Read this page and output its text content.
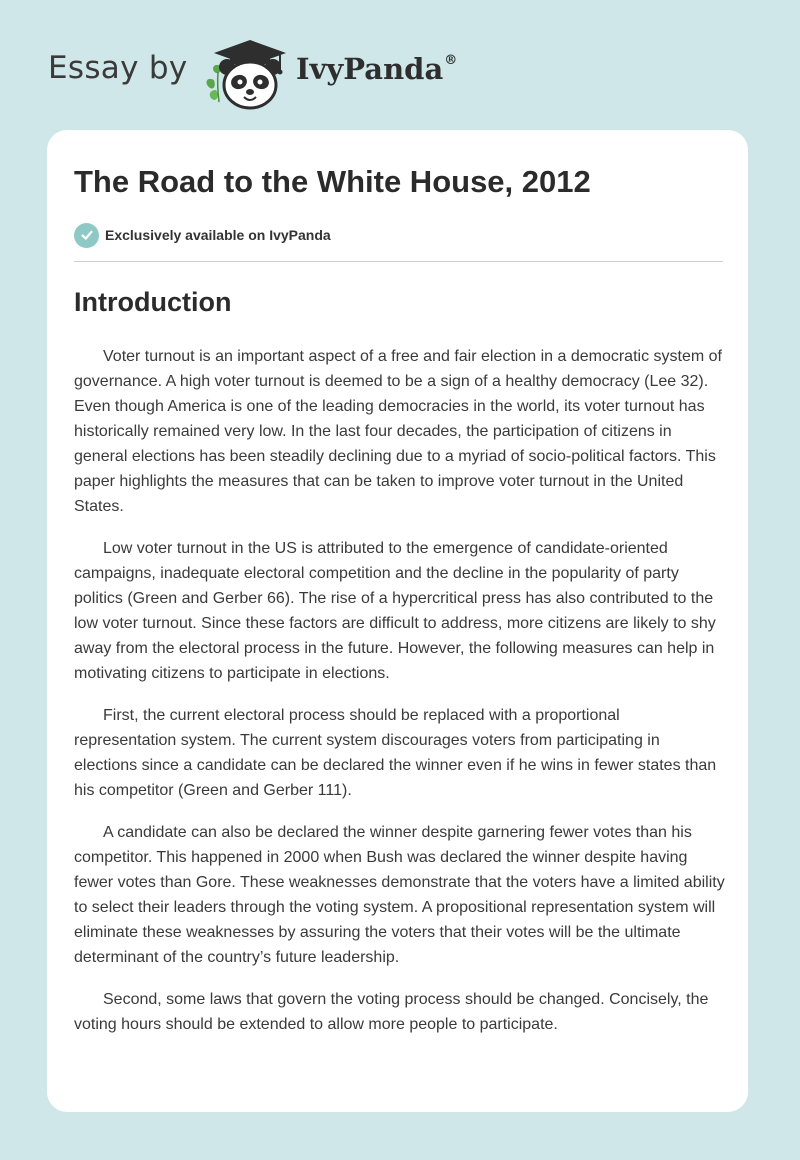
Essay by	IvyPanda®
The Road to the White House, 2012
Exclusively available on IvyPanda
Introduction

Voter turnout is an important aspect of a free and fair election in a democratic system of governance. A high voter turnout is deemed to be a sign of a healthy democracy (Lee 32). Even though America is one of the leading democracies in the world, its voter turnout has historically remained very low. In the last four decades, the participation of citizens in general elections has been steadily declining due to a myriad of socio-political factors. This paper highlights the measures that can be taken to improve voter turnout in the United States.

Low voter turnout in the US is attributed to the emergence of candidate-oriented campaigns, inadequate electoral competition and the decline in the popularity of party politics (Green and Gerber 66). The rise of a hypercritical press has also contributed to the low voter turnout. Since these factors are difficult to address, more citizens are likely to shy away from the electoral process in the future. However, the following measures can help in motivating citizens to participate in elections.

First, the current electoral process should be replaced with a proportional representation system. The current system discourages voters from participating in elections since a candidate can be declared the winner even if he wins in fewer states than his competitor (Green and Gerber 111).

A candidate can also be declared the winner despite garnering fewer votes than his competitor. This happened in 2000 when Bush was declared the winner despite having fewer votes than Gore. These weaknesses demonstrate that the voters have a limited ability to select their leaders through the voting system. A propositional representation system will eliminate these weaknesses by assuring the voters that their votes will be the ultimate determinant of the country’s future leadership.

Second, some laws that govern the voting process should be changed. Concisely, the voting hours should be extended to allow more people to participate.
